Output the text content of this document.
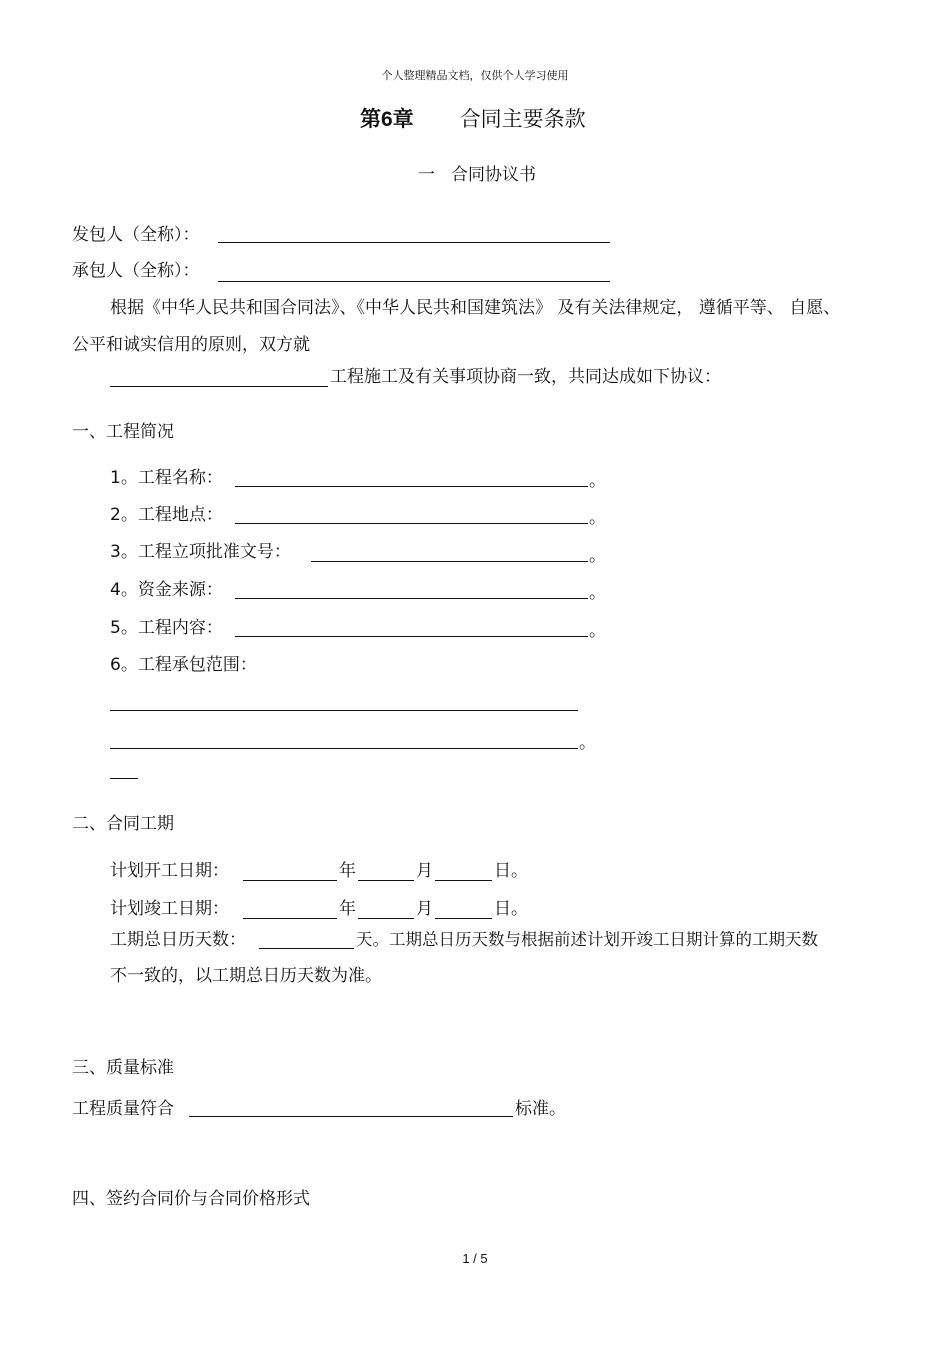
个人整理精品文档，仅供个人学习使用
第6章 合同主要条款
一 合同协议书
发包人（全称）：
承包人（全称）：
根据《中华人民共和国合同法》、《中华人民共和国建筑法》 及有关法律规定， 遵循平等、 自愿、
公平和诚实信用的原则，双方就
工程施工及有关事项协商一致，共同达成如下协议：
一、工程简况
1。工程名称：	。
2。工程地点：	。
3。工程立项批准文号：	。
4。资金来源：	。
5。工程内容：	。
6。工程承包范围：
。
二、合同工期
计划开工日期：	年	月	日。
计划竣工日期：	年	月	日。
工期总日历天数：	天。工期总日历天数与根据前述计划开竣工日期计算的工期天数
不一致的，以工期总日历天数为准。
三、质量标准
工程质量符合	标准。
四、签约合同价与合同价格形式
1 / 5
